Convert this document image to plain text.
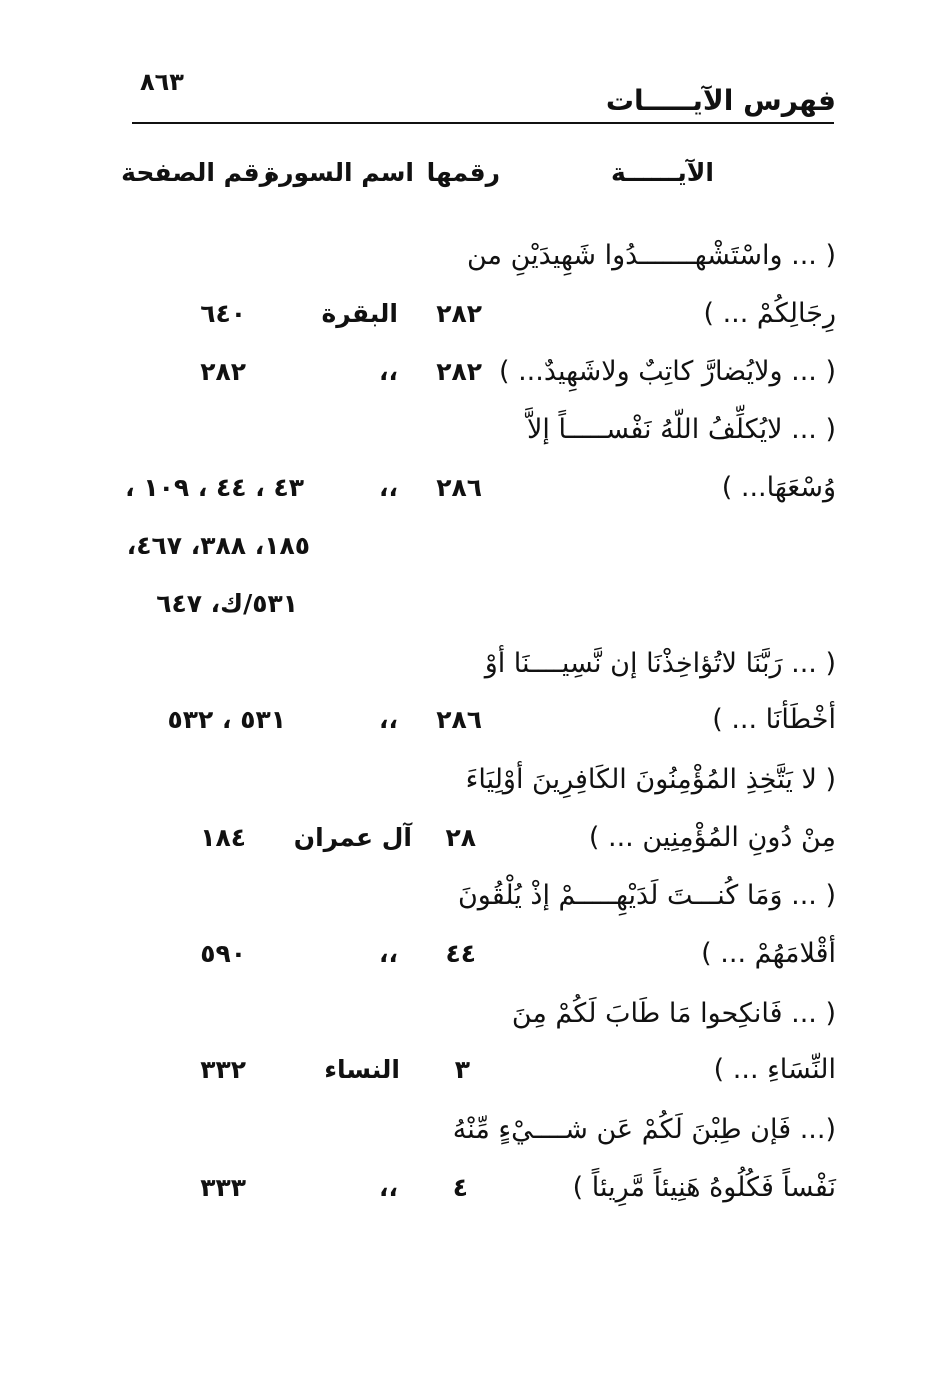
٨٦٣
فهرس الآيـــــات
الآيــــــة
رقمها
اسم السورة
رقم الصفحة
( ... واسْتَشْهـــــــدُوا شَهِيدَيْنِ من
رِجَالِكُمْ ... )
٢٨٢
البقرة
٦٤٠
( ... ولايُضارَّ كاتِبٌ ولاشَهِيدٌ... )
٢٨٢
،،
٢٨٢
( ... لايُكلِّفُ اللّهُ نَفْســـــاً إلاَّ
وُسْعَهَا... )
٢٨٦
،،
٤٣ ، ٤٤ ، ١٠٩ ،
١٨٥، ٣٨٨، ٤٦٧،
٥٣١/ك، ٦٤٧
( ... رَبَّنَا لاتُؤاخِذْنَا إن نَّسِيــــنَا أوْ
أخْطَأنَا ... )
٢٨٦
،،
٥٣١ ، ٥٣٢
( لا يَتَّخِذِ المُؤْمِنُونَ الكَافِرِينَ أوْلِيَاءَ
مِنْ دُونِ المُؤْمِنِين ... )
٢٨
آل عمران
١٨٤
( ... وَمَا كُنـــتَ لَدَيْهِـــــمْ إذْ يُلْقُونَ
أقْلامَهُمْ ... )
٤٤
،،
٥٩٠
( ... فَانكِحوا مَا طَابَ لَكُمْ مِنَ
النِّسَاءِ ... )
٣
النساء
٣٣٢
(... فَإن طِبْنَ لَكُمْ عَن شــــيْءٍ مِّنْهُ
نَفْساً فَكُلُوهُ هَنِيئاً مَّرِيئاً )
٤
،،
٣٣٣
